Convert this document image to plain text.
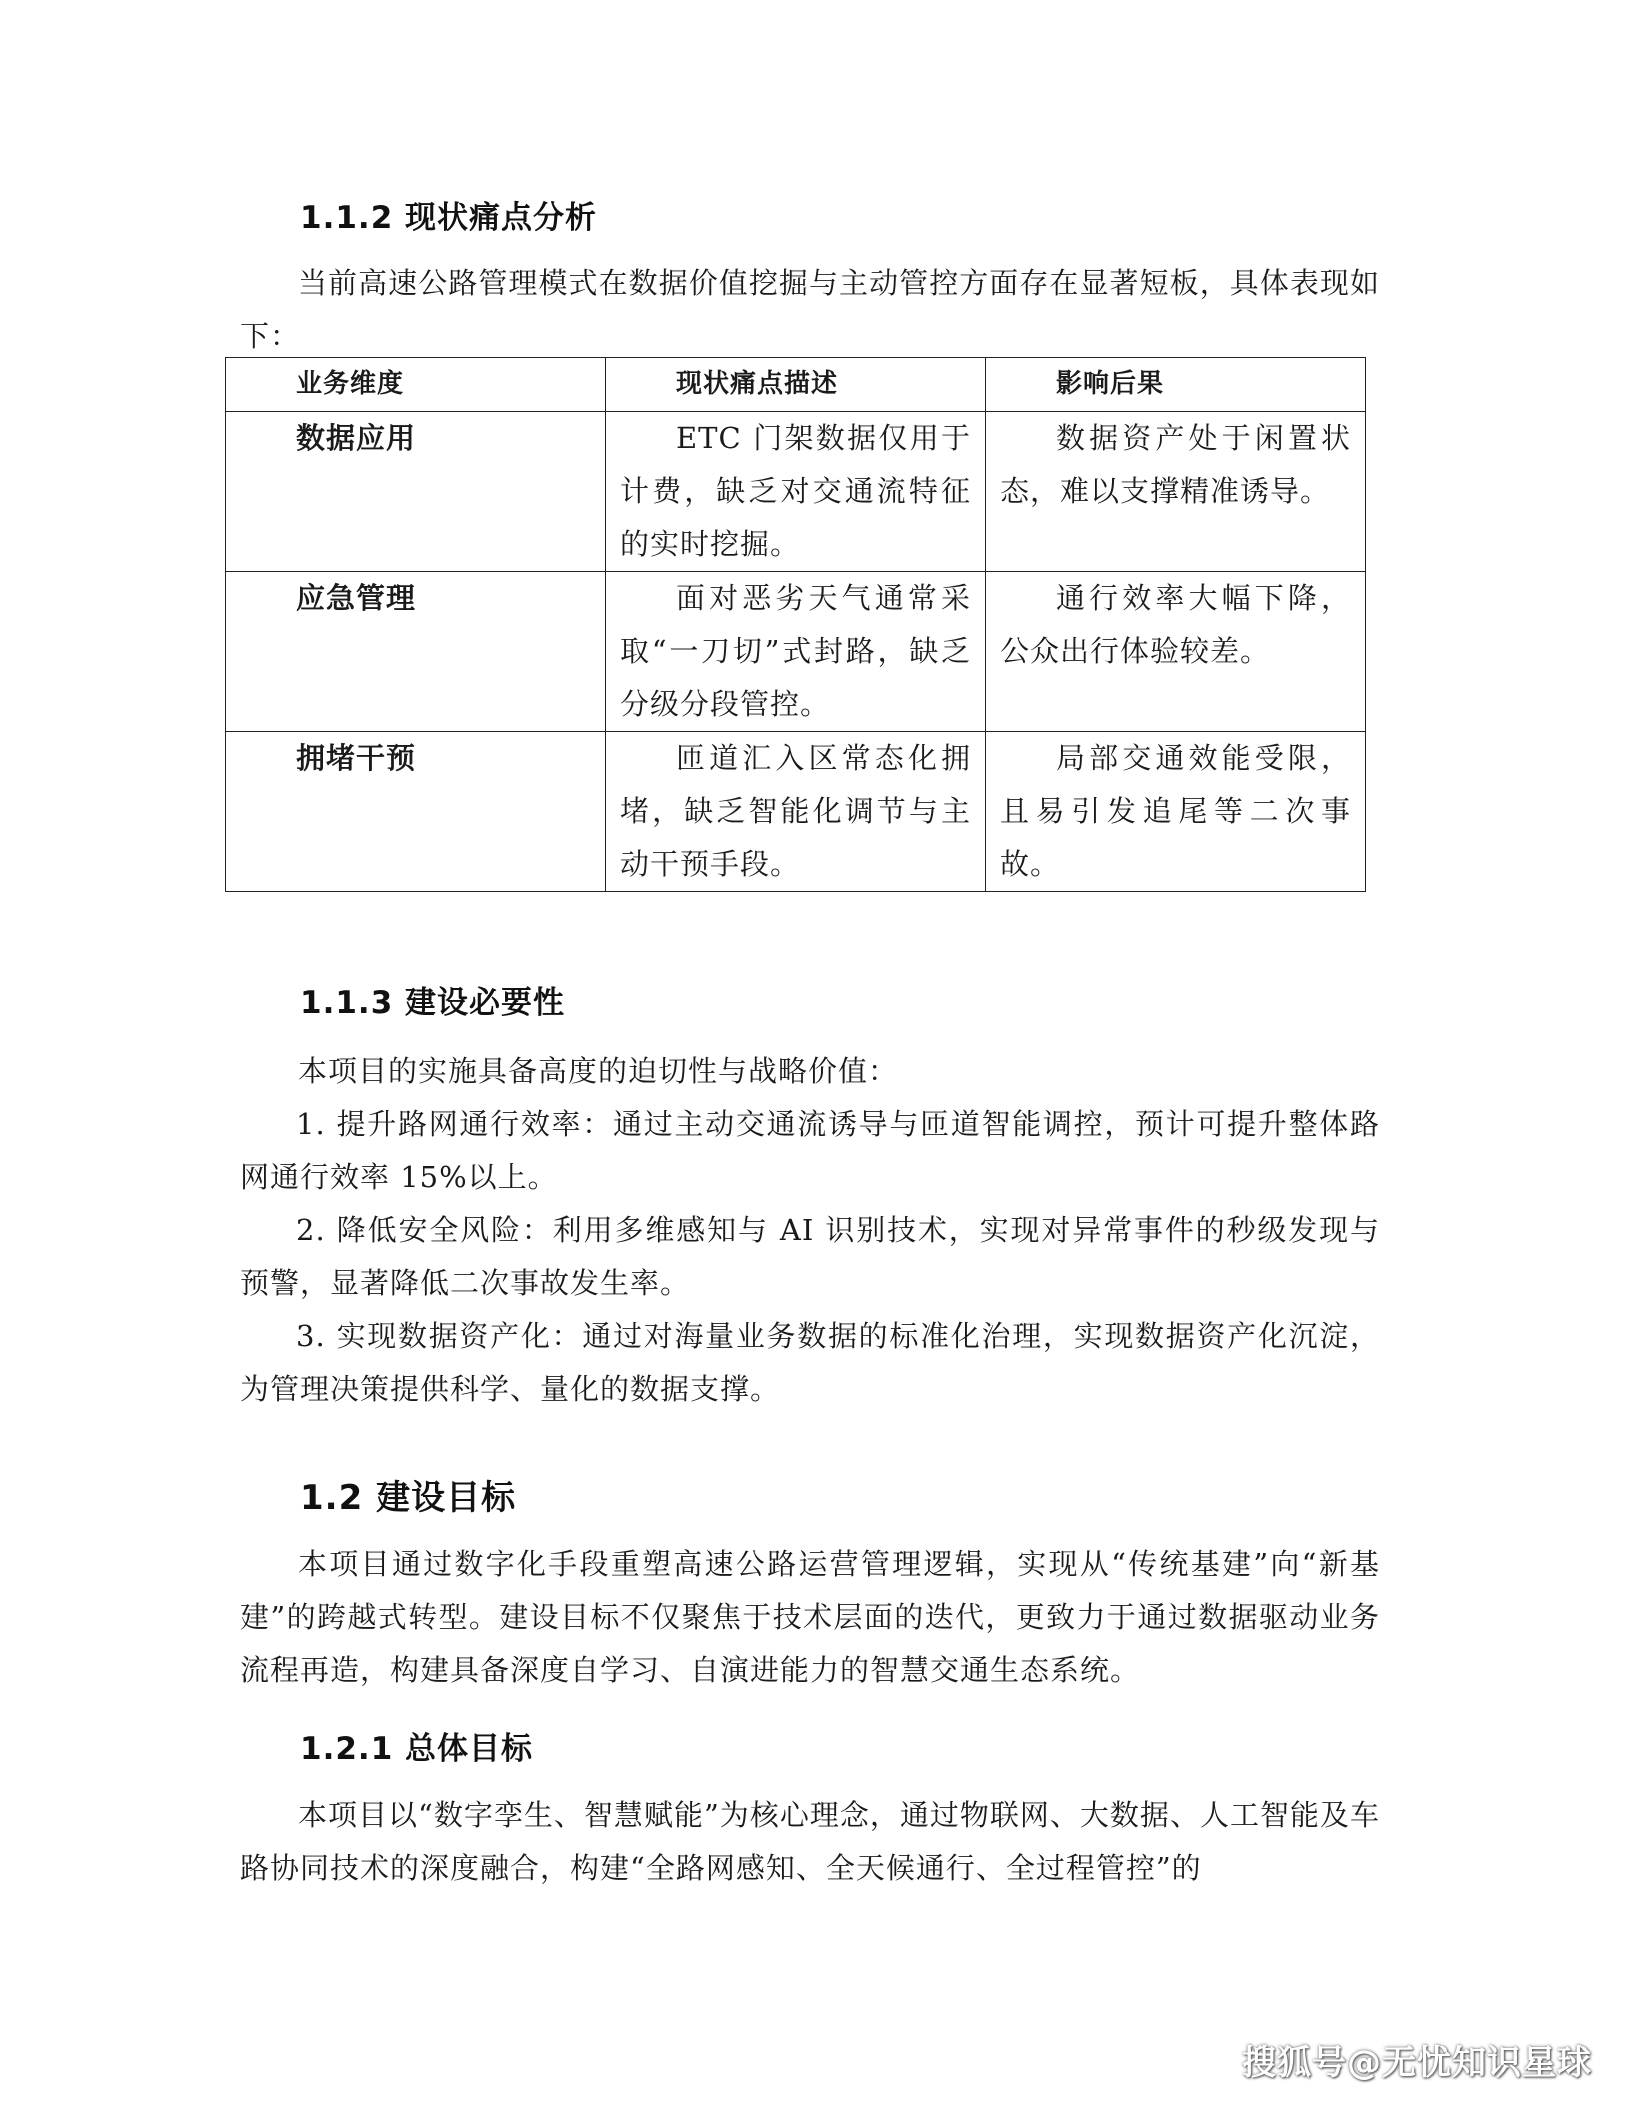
1.1.2 现状痛点分析

当前高速公路管理模式在数据价值挖掘与主动管控方面存在显著短板，具体表现如下：

业务维度	现状痛点描述	影响后果
数据应用	ETC 门架数据仅用于计费，缺乏对交通流特征的实时挖掘。	数据资产处于闲置状态，难以支撑精准诱导。
应急管理	面对恶劣天气通常采取“一刀切”式封路，缺乏分级分段管控。	通行效率大幅下降，公众出行体验较差。
拥堵干预	匝道汇入区常态化拥堵，缺乏智能化调节与主动干预手段。	局部交通效能受限，且易引发追尾等二次事故。
1.1.3 建设必要性

本项目的实施具备高度的迫切性与战略价值：

1. 提升路网通行效率：通过主动交通流诱导与匝道智能调控，预计可提升整体路网通行效率 15%以上。

2. 降低安全风险：利用多维感知与 AI 识别技术，实现对异常事件的秒级发现与预警，显著降低二次事故发生率。

3. 实现数据资产化：通过对海量业务数据的标准化治理，实现数据资产化沉淀，为管理决策提供科学、量化的数据支撑。

1.2 建设目标

本项目通过数字化手段重塑高速公路运营管理逻辑，实现从“传统基建”向“新基建”的跨越式转型。建设目标不仅聚焦于技术层面的迭代，更致力于通过数据驱动业务流程再造，构建具备深度自学习、自演进能力的智慧交通生态系统。

1.2.1 总体目标

本项目以“数字孪生、智慧赋能”为核心理念，通过物联网、大数据、人工智能及车路协同技术的深度融合，构建“全路网感知、全天候通行、全过程管控”的

搜狐号@无忧知识星球
